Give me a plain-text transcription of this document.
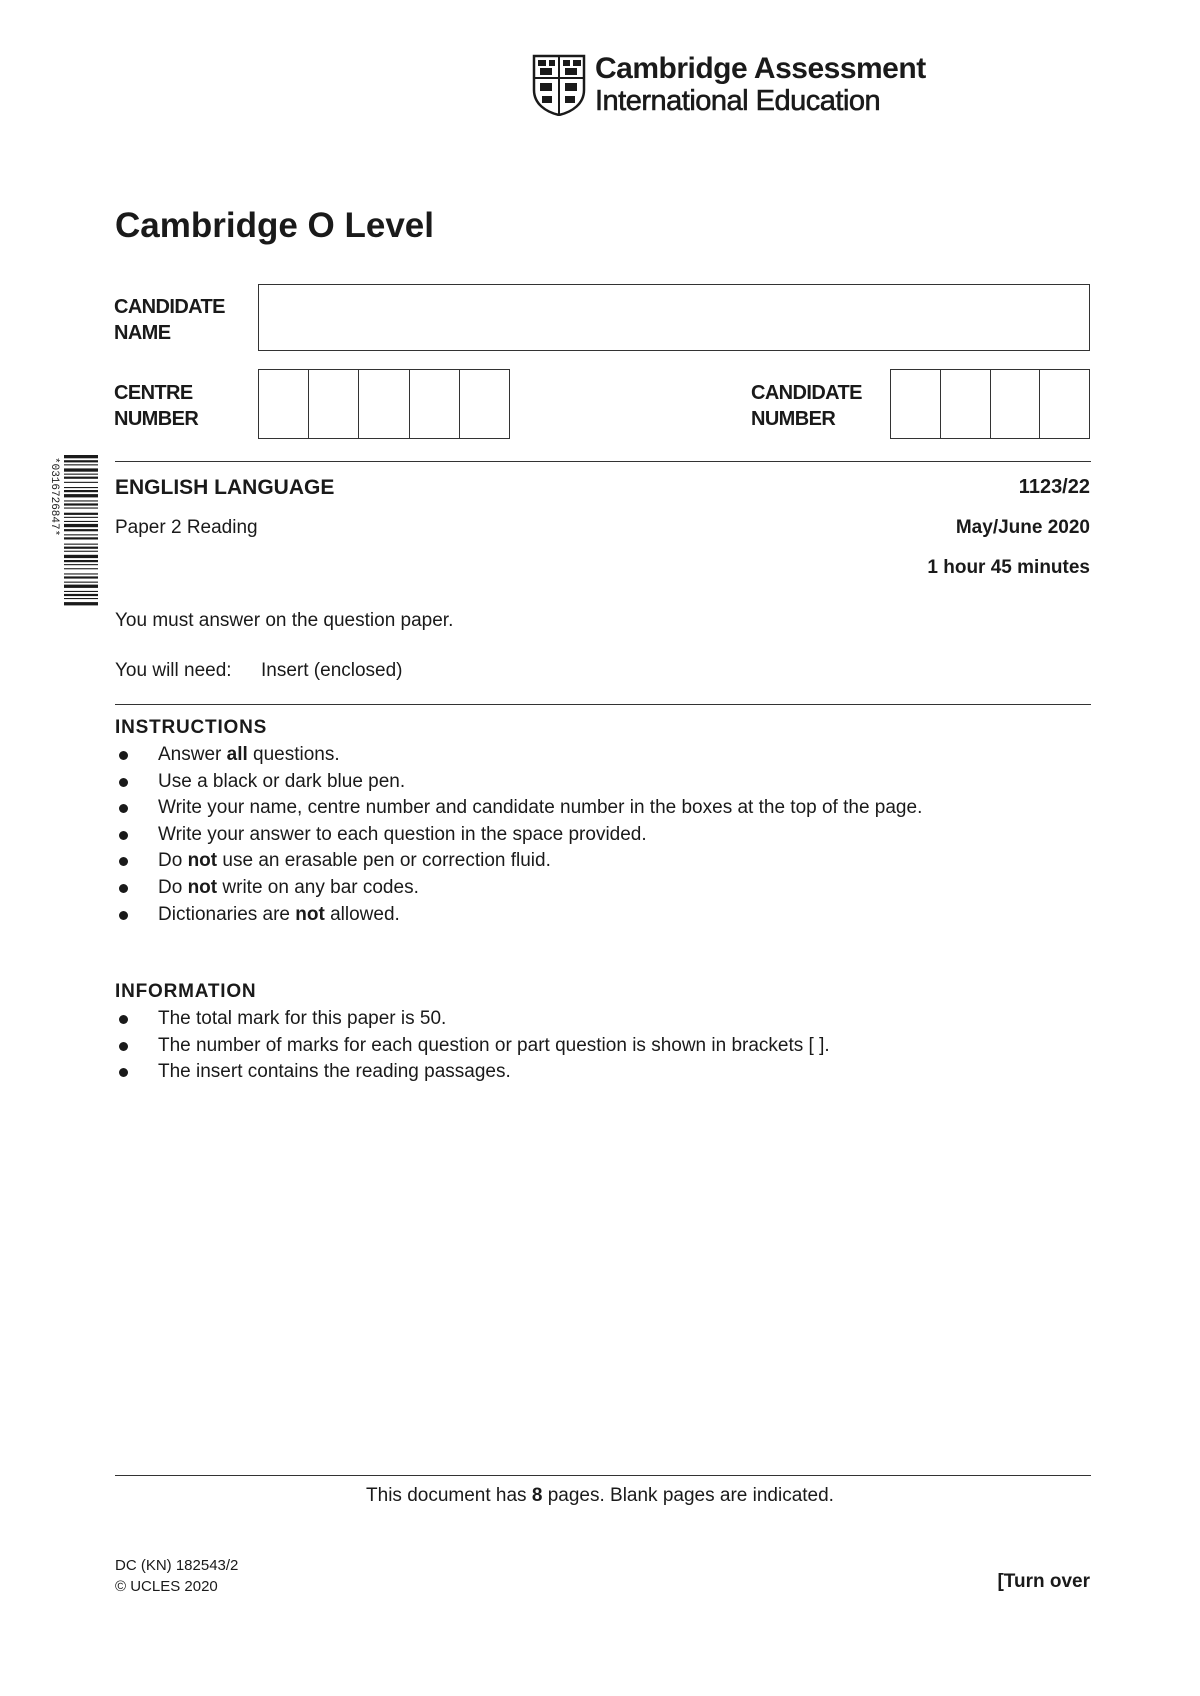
Cambridge Assessment
International Education
Cambridge O Level
CANDIDATE
NAME
CENTRE
NUMBER
CANDIDATE
NUMBER
*0316726847*	ENGLISH LANGUAGE	1123/22
Paper 2 Reading	May/June 2020
1 hour 45 minutes
You must answer on the question paper.
You will need: Insert (enclosed)
INSTRUCTIONS
Answer all questions.
Use a black or dark blue pen.
Write your name, centre number and candidate number in the boxes at the top of the page.
Write your answer to each question in the space provided.
Do not use an erasable pen or correction fluid.
Do not write on any bar codes.
Dictionaries are not allowed.
INFORMATION
The total mark for this paper is 50.
The number of marks for each question or part question is shown in brackets [ ].
The insert contains the reading passages.
This document has 8 pages. Blank pages are indicated.
DC (KN) 182543/2
© UCLES 2020	[Turn over
